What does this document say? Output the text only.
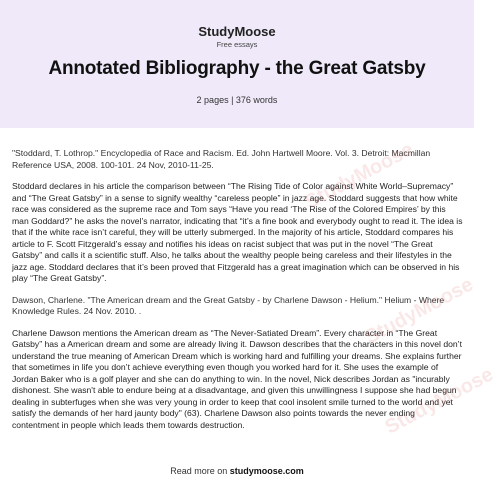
StudyMoose
Free essays
Annotated Bibliography - the Great Gatsby
2 pages | 376 words

"Stoddard, T. Lothrop." Encyclopedia of Race and Racism. Ed. John Hartwell Moore. Vol. 3. Detroit: Macmillan Reference USA, 2008. 100-101. 24 Nov, 2010-11-25.

Stoddard declares in his article the comparison between “The Rising Tide of Color against White World–Supremacy” and “The Great Gatsby” in a sense to signify wealthy “careless people” in jazz age. Stoddard suggests that how white race was considered as the supreme race and Tom says “Have you read ‘The Rise of the Colored Empires’ by this man Goddard?” he asks the novel’s narrator, indicating that “it’s a fine book and everybody ought to read it. The idea is that if the white race isn’t careful, they will be utterly submerged. In the majority of his article, Stoddard compares his article to F. Scott Fitzgerald’s essay and notifies his ideas on racist subject that was put in the novel “The Great Gatsby” and calls it a scientific stuff. Also, he talks about the wealthy people being careless and their lifestyles in the jazz age. Stoddard declares that it’s been proved that Fitzgerald has a great imagination which can be observed in his play “The Great Gatsby”.

Dawson, Charlene. "The American dream and the Great Gatsby - by Charlene Dawson - Helium." Helium - Where Knowledge Rules. 24 Nov. 2010. .

Charlene Dawson mentions the American dream as “The Never-Satiated Dream”. Every character in “The Great Gatsby” has a American dream and some are already living it. Dawson describes that the characters in this novel don’t understand the true meaning of American Dream which is working hard and fulfilling your dreams. She explains further that sometimes in life you don’t achieve everything even though you worked hard for it. She uses the example of Jordan Baker who is a golf player and she can do anything to win. In the novel, Nick describes Jordan as "incurably dishonest. She wasn't able to endure being at a disadvantage, and given this unwillingness I suppose she had begun dealing in subterfuges when she was very young in order to keep that cool insolent smile turned to the world and yet satisfy the demands of her hard jaunty body" (63). Charlene Dawson also points towards the never ending contentment in people which leads them towards destruction.

StudyMoose
StudyMoose
StudyMoose
Read more on studymoose.com
